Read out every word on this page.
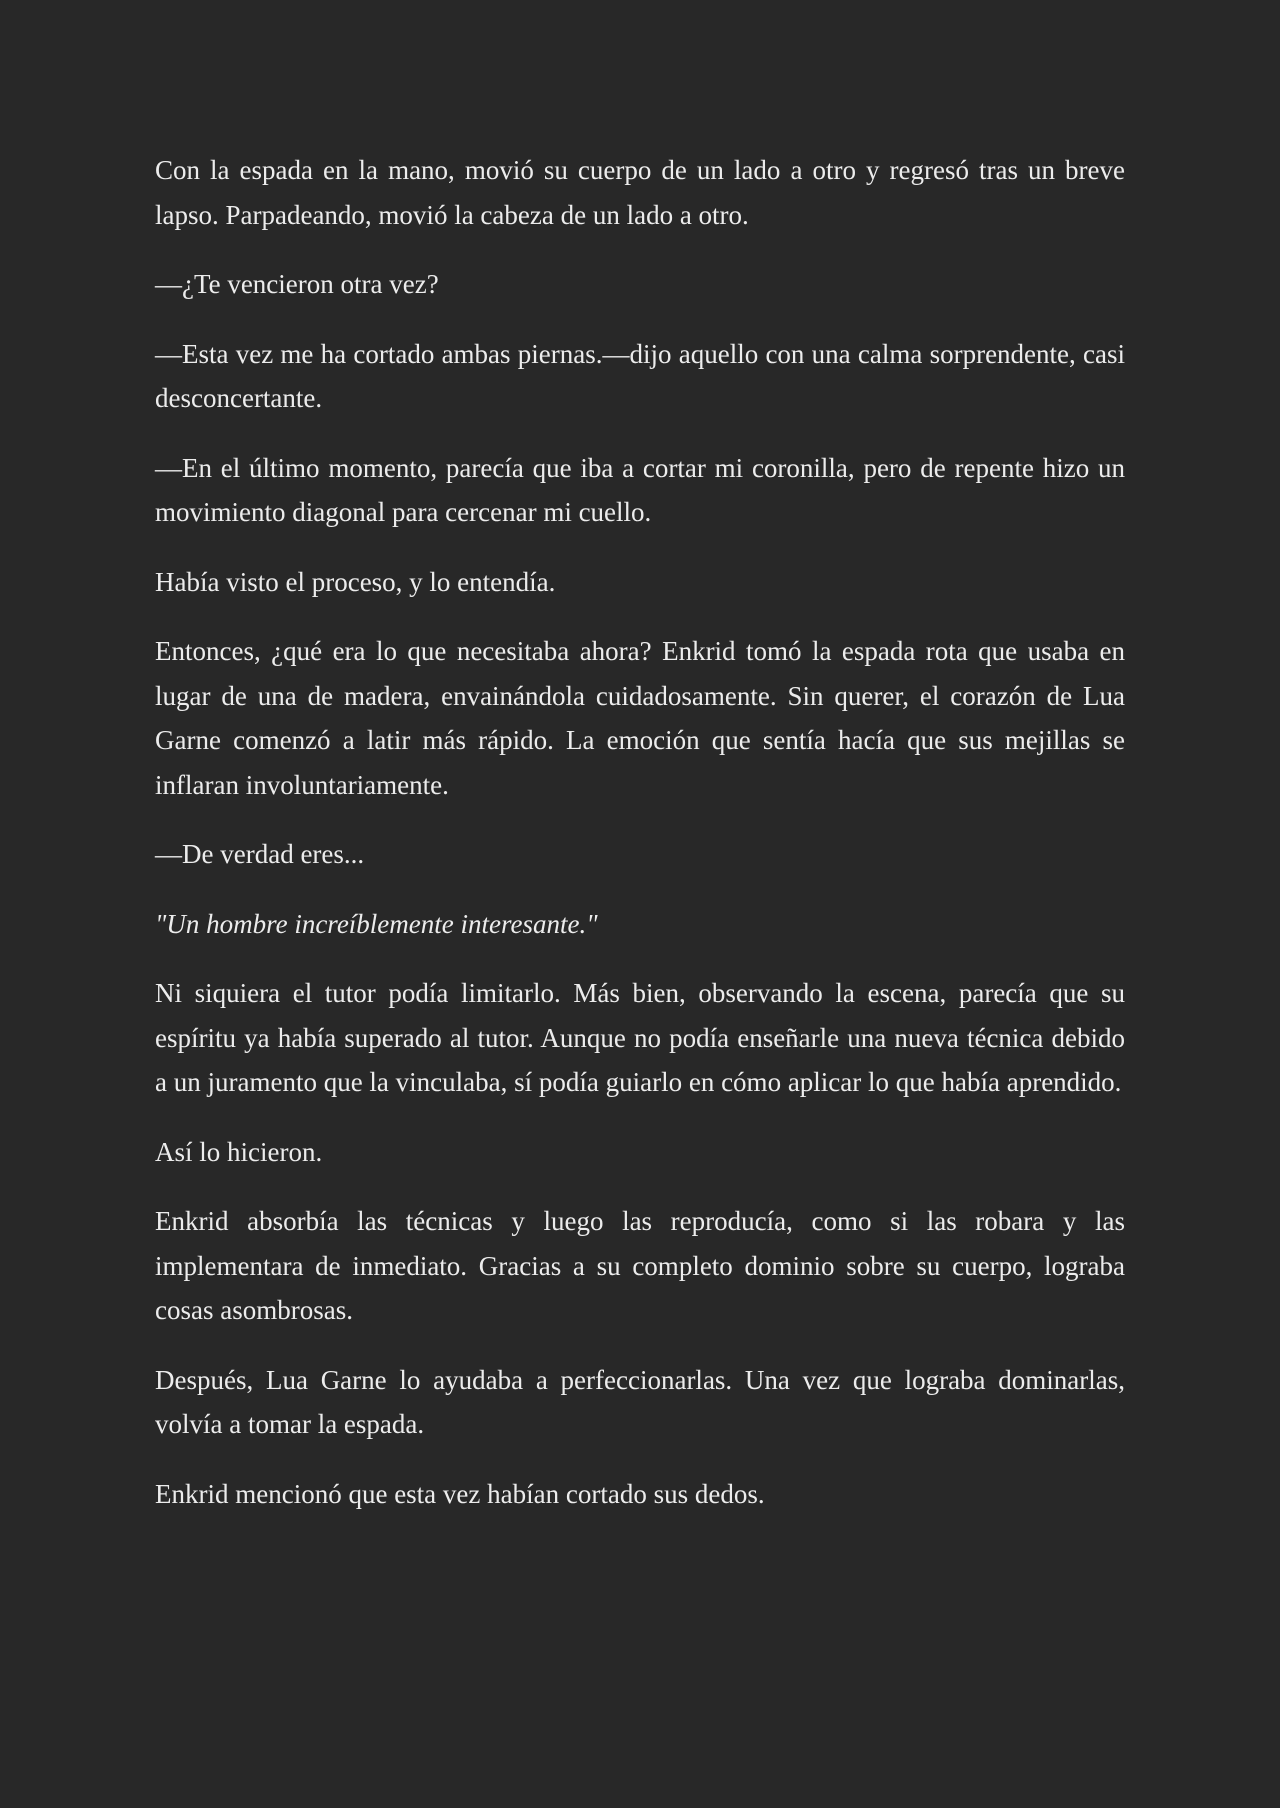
Con la espada en la mano, movió su cuerpo de un lado a otro y regresó tras un breve lapso. Parpadeando, movió la cabeza de un lado a otro.

—¿Te vencieron otra vez?

—Esta vez me ha cortado ambas piernas.—dijo aquello con una calma sorprendente, casi desconcertante.

—En el último momento, parecía que iba a cortar mi coronilla, pero de repente hizo un movimiento diagonal para cercenar mi cuello.

Había visto el proceso, y lo entendía.

Entonces, ¿qué era lo que necesitaba ahora? Enkrid tomó la espada rota que usaba en lugar de una de madera, envainándola cuidadosamente. Sin querer, el corazón de Lua Garne comenzó a latir más rápido. La emoción que sentía hacía que sus mejillas se inflaran involuntariamente.

—De verdad eres...

"Un hombre increíblemente interesante."

Ni siquiera el tutor podía limitarlo. Más bien, observando la escena, parecía que su espíritu ya había superado al tutor. Aunque no podía enseñarle una nueva técnica debido a un juramento que la vinculaba, sí podía guiarlo en cómo aplicar lo que había aprendido.

Así lo hicieron.

Enkrid absorbía las técnicas y luego las reproducía, como si las robara y las implementara de inmediato. Gracias a su completo dominio sobre su cuerpo, lograba cosas asombrosas.

Después, Lua Garne lo ayudaba a perfeccionarlas. Una vez que lograba dominarlas, volvía a tomar la espada.

Enkrid mencionó que esta vez habían cortado sus dedos.
